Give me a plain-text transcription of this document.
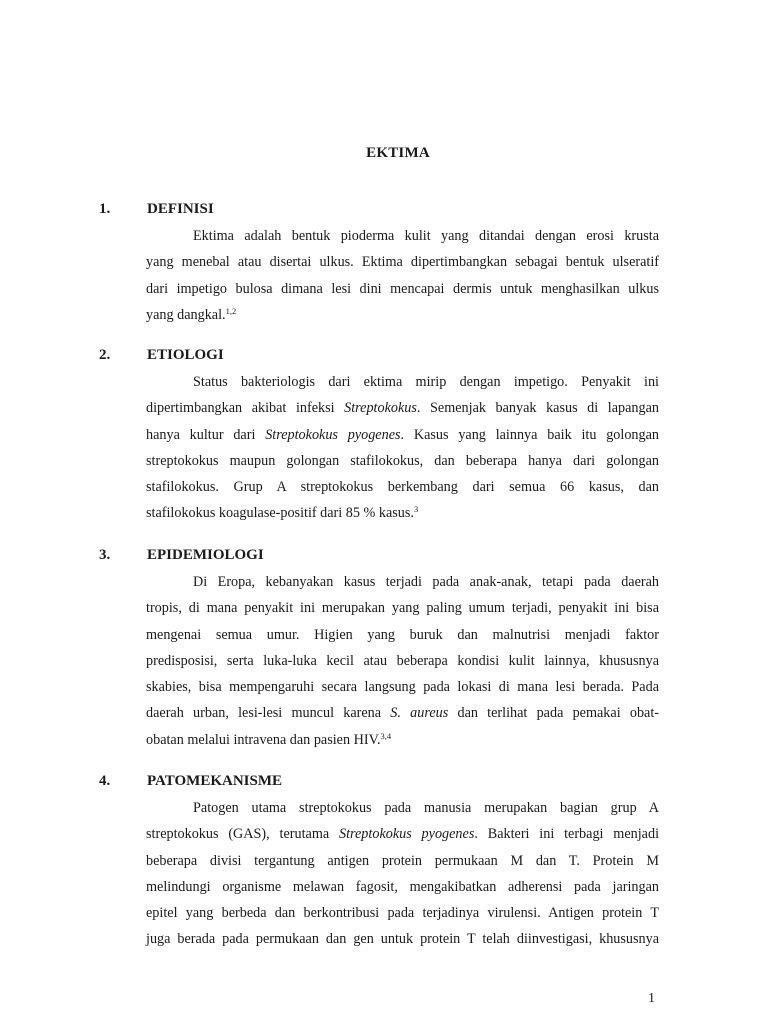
EKTIMA
1. DEFINISI
Ektima adalah bentuk pioderma kulit yang ditandai dengan erosi krusta
yang menebal atau disertai ulkus. Ektima dipertimbangkan sebagai bentuk ulseratif
dari impetigo bulosa dimana lesi dini mencapai dermis untuk menghasilkan ulkus
yang dangkal.$^{1,2}$
2. ETIOLOGI
Status bakteriologis dari ektima mirip dengan impetigo. Penyakit ini
dipertimbangkan akibat infeksi Streptokokus. Semenjak banyak kasus di lapangan
hanya kultur dari Streptokokus pyogenes. Kasus yang lainnya baik itu golongan
streptokokus maupun golongan stafilokokus, dan beberapa hanya dari golongan
stafilokokus. Grup A streptokokus berkembang dari semua 66 kasus, dan
stafilokokus koagulase-positif dari 85 % kasus.$^3$
3. EPIDEMIOLOGI
Di Eropa, kebanyakan kasus terjadi pada anak-anak, tetapi pada daerah
tropis, di mana penyakit ini merupakan yang paling umum terjadi, penyakit ini bisa
mengenai semua umur. Higien yang buruk dan malnutrisi menjadi faktor
predisposisi, serta luka-luka kecil atau beberapa kondisi kulit lainnya, khususnya
skabies, bisa mempengaruhi secara langsung pada lokasi di mana lesi berada. Pada
daerah urban, lesi-lesi muncul karena S. aureus dan terlihat pada pemakai obat-
obatan melalui intravena dan pasien HIV.$^{3,4}$
4. PATOMEKANISME
Patogen utama streptokokus pada manusia merupakan bagian grup A
streptokokus (GAS), terutama Streptokokus pyogenes. Bakteri ini terbagi menjadi
beberapa divisi tergantung antigen protein permukaan M dan T. Protein M
melindungi organisme melawan fagosit, mengakibatkan adherensi pada jaringan
epitel yang berbeda dan berkontribusi pada terjadinya virulensi. Antigen protein T
juga berada pada permukaan dan gen untuk protein T telah diinvestigasi, khususnya
1
